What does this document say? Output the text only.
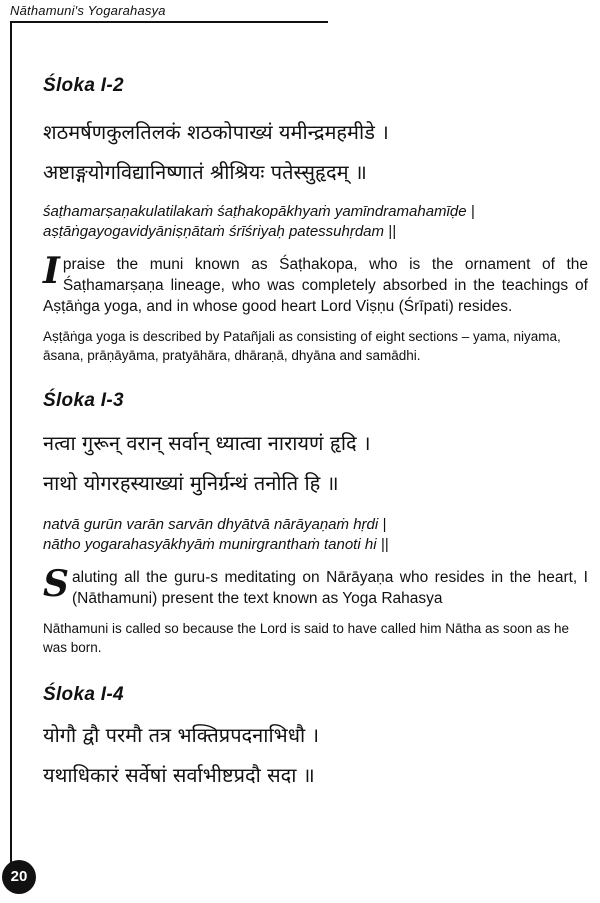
Nāthamuni's Yogarahasya
Śloka I-2
शठमर्षणकुलतिलकं शठकोपाख्यं यमीन्द्रमहमीडे ।
अष्टाङ्गयोगविद्यानिष्णातं श्रीश्रियः पतेस्सुहृदम् ॥
śaṭhamarṣaṇakulatilakaṁ śaṭhakopākhyaṁ yamīndramahamīḍe |
aṣṭāṅgayogavidyāniṣṇātaṁ śrīśriyaḥ patessuhṛdam ||
I praise the muni known as Śaṭhakopa, who is the ornament of the Śaṭhamarṣaṇa lineage, who was completely absorbed in the teachings of Aṣṭāṅga yoga, and in whose good heart Lord Viṣṇu (Śrīpati) resides.
Aṣṭāṅga yoga is described by Patañjali as consisting of eight sections – yama, niyama, āsana, prāṇāyāma, pratyāhāra, dhāraṇā, dhyāna and samādhi.
Śloka I-3
नत्वा गुरून् वरान् सर्वान् ध्यात्वा नारायणं हृदि ।
नाथो योगरहस्याख्यां मुनिर्ग्रन्थं तनोति हि ॥
natvā gurūn varān sarvān dhyātvā nārāyaṇaṁ hṛdi |
nātho yogarahasyākhyāṁ munirgranthaṁ tanoti hi ||
Saluting all the guru-s meditating on Nārāyaṇa who resides in the heart, I (Nāthamuni) present the text known as Yoga Rahasya
Nāthamuni is called so because the Lord is said to have called him Nātha as soon as he was born.
Śloka I-4
योगौ द्वौ परमौ तत्र भक्तिप्रपदनाभिधौ ।
यथाधिकारं सर्वेषां सर्वाभीष्टप्रदौ सदा ॥
20
